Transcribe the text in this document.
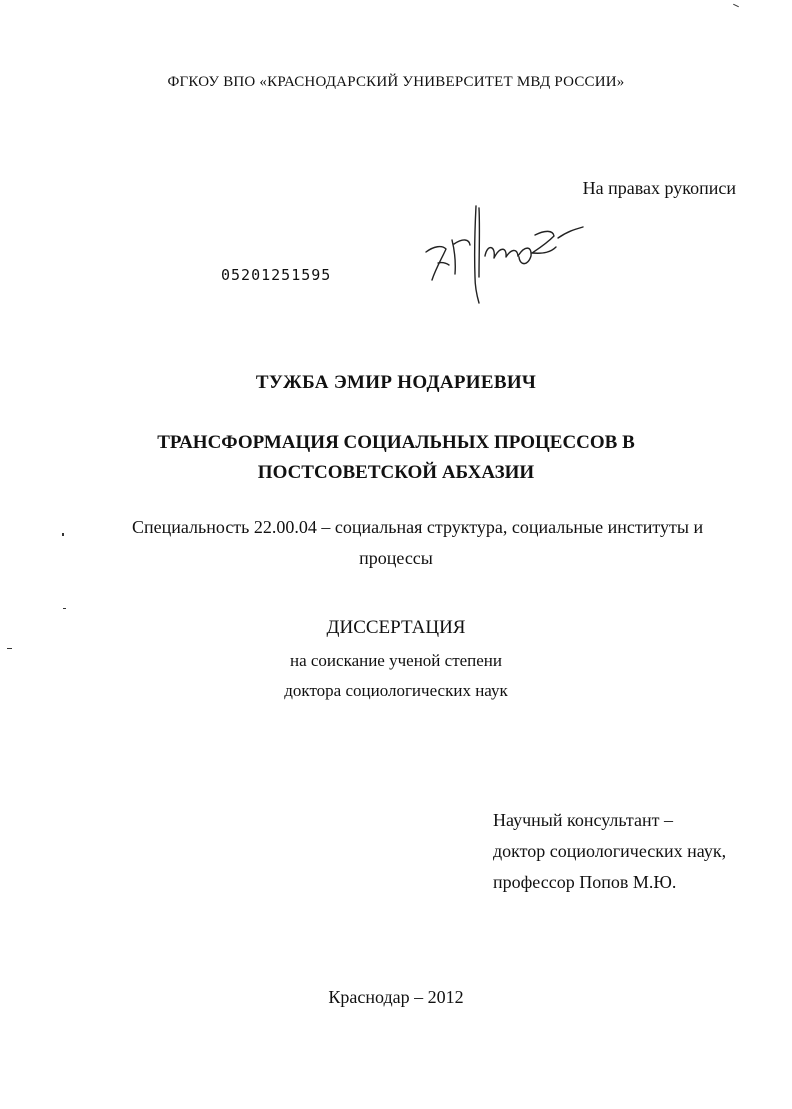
ФГКОУ ВПО «КРАСНОДАРСКИЙ УНИВЕРСИТЕТ МВД РОССИИ»
На правах рукописи
05201251595
ТУЖБА ЭМИР НОДАРИЕВИЧ
ТРАНСФОРМАЦИЯ СОЦИАЛЬНЫХ ПРОЦЕССОВ В
ПОСТСОВЕТСКОЙ АБХАЗИИ
Специальность 22.00.04 – социальная структура, социальные институты и
процессы
ДИССЕРТАЦИЯ
на соискание ученой степени
доктора социологических наук
Научный консультант –
доктор социологических наук,
профессор Попов М.Ю.
Краснодар – 2012
